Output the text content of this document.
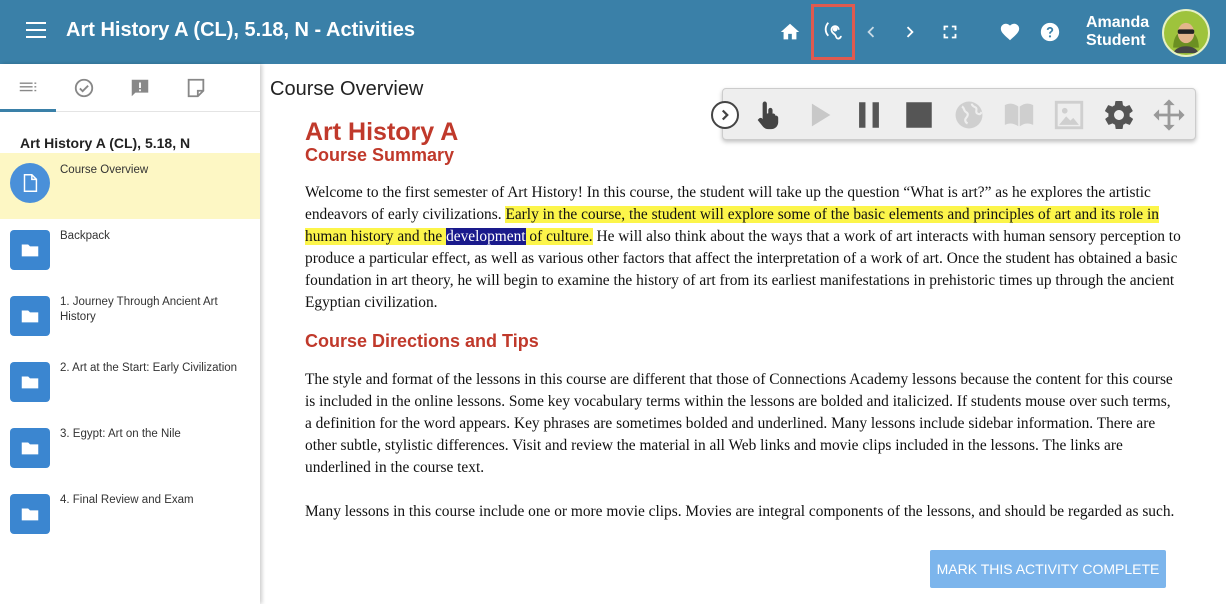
Art History A (CL), 5.18, N - Activities	Amanda
Student
Art History A (CL), 5.18, N
Course Overview
Backpack
1. Journey Through Ancient Art History
2. Art at the Start: Early Civilization
3. Egypt: Art on the Nile
4. Final Review and Exam
Course Overview
Art History A
Course Summary
Welcome to the first semester of Art History! In this course, the student will take up the question “What is art?” as he explores the artistic endeavors of early civilizations. Early in the course, the student will explore some of the basic elements and principles of art and its role in human history and the development of culture. He will also think about the ways that a work of art interacts with human sensory perception to produce a particular effect, as well as various other factors that affect the interpretation of a work of art. Once the student has obtained a basic foundation in art theory, he will begin to examine the history of art from its earliest manifestations in prehistoric times up through the ancient Egyptian civilization.
Course Directions and Tips
The style and format of the lessons in this course are different that those of Connections Academy lessons because the content for this course is included in the online lessons. Some key vocabulary terms within the lessons are bolded and italicized. If students mouse over such terms, a definition for the word appears. Key phrases are sometimes bolded and underlined. Many lessons include sidebar information. There are other subtle, stylistic differences. Visit and review the material in all Web links and movie clips included in the lessons. The links are underlined in the course text.
Many lessons in this course include one or more movie clips. Movies are integral components of the lessons, and should be regarded as such.
MARK THIS ACTIVITY COMPLETE
